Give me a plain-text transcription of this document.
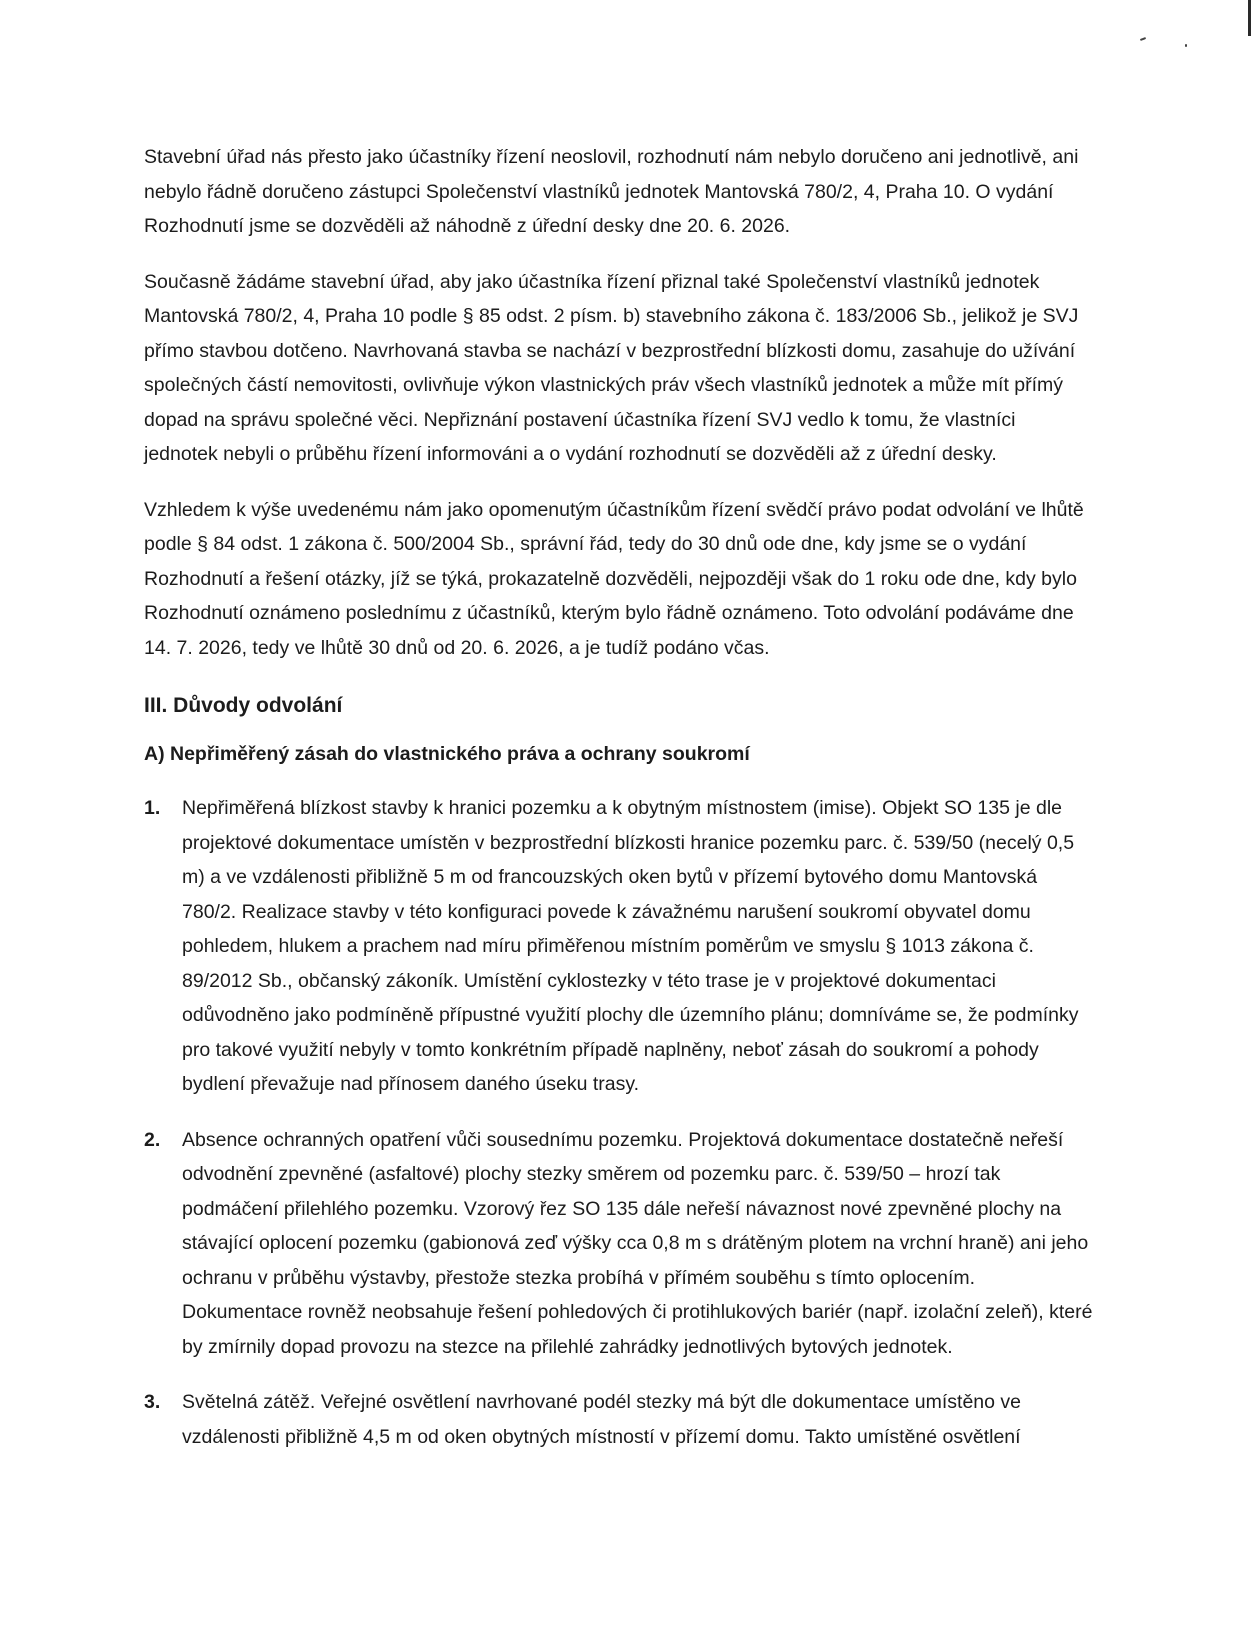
Stavební úřad nás přesto jako účastníky řízení neoslovil, rozhodnutí nám nebylo doručeno ani jednotlivě, ani nebylo řádně doručeno zástupci Společenství vlastníků jednotek Mantovská 780/2, 4, Praha 10. O vydání Rozhodnutí jsme se dozvěděli až náhodně z úřední desky dne 20. 6. 2026.

Současně žádáme stavební úřad, aby jako účastníka řízení přiznal také Společenství vlastníků jednotek Mantovská 780/2, 4, Praha 10 podle § 85 odst. 2 písm. b) stavebního zákona č. 183/2006 Sb., jelikož je SVJ přímo stavbou dotčeno. Navrhovaná stavba se nachází v bezprostřední blízkosti domu, zasahuje do užívání společných částí nemovitosti, ovlivňuje výkon vlastnických práv všech vlastníků jednotek a může mít přímý dopad na správu společné věci. Nepřiznání postavení účastníka řízení SVJ vedlo k tomu, že vlastníci jednotek nebyli o průběhu řízení informováni a o vydání rozhodnutí se dozvěděli až z úřední desky.

Vzhledem k výše uvedenému nám jako opomenutým účastníkům řízení svědčí právo podat odvolání ve lhůtě podle § 84 odst. 1 zákona č. 500/2004 Sb., správní řád, tedy do 30 dnů ode dne, kdy jsme se o vydání Rozhodnutí a řešení otázky, jíž se týká, prokazatelně dozvěděli, nejpozději však do 1 roku ode dne, kdy bylo Rozhodnutí oznámeno poslednímu z účastníků, kterým bylo řádně oznámeno. Toto odvolání podáváme dne 14. 7. 2026, tedy ve lhůtě 30 dnů od 20. 6. 2026, a je tudíž podáno včas.

III. Důvody odvolání
A) Nepřiměřený zásah do vlastnického práva a ochrany soukromí
1. Nepřiměřená blízkost stavby k hranici pozemku a k obytným místnostem (imise). Objekt SO 135 je dle projektové dokumentace umístěn v bezprostřední blízkosti hranice pozemku parc. č. 539/50 (necelý 0,5 m) a ve vzdálenosti přibližně 5 m od francouzských oken bytů v přízemí bytového domu Mantovská 780/2. Realizace stavby v této konfiguraci povede k závažnému narušení soukromí obyvatel domu pohledem, hlukem a prachem nad míru přiměřenou místním poměrům ve smyslu § 1013 zákona č. 89/2012 Sb., občanský zákoník. Umístění cyklostezky v této trase je v projektové dokumentaci odůvodněno jako podmíněně přípustné využití plochy dle územního plánu; domníváme se, že podmínky pro takové využití nebyly v tomto konkrétním případě naplněny, neboť zásah do soukromí a pohody bydlení převažuje nad přínosem daného úseku trasy.
2. Absence ochranných opatření vůči sousednímu pozemku. Projektová dokumentace dostatečně neřeší odvodnění zpevněné (asfaltové) plochy stezky směrem od pozemku parc. č. 539/50 – hrozí tak podmáčení přilehlého pozemku. Vzorový řez SO 135 dále neřeší návaznost nové zpevněné plochy na stávající oplocení pozemku (gabionová zeď výšky cca 0,8 m s drátěným plotem na vrchní hraně) ani jeho ochranu v průběhu výstavby, přestože stezka probíhá v přímém souběhu s tímto oplocením. Dokumentace rovněž neobsahuje řešení pohledových či protihlukových bariér (např. izolační zeleň), které by zmírnily dopad provozu na stezce na přilehlé zahrádky jednotlivých bytových jednotek.
3. Světelná zátěž. Veřejné osvětlení navrhované podél stezky má být dle dokumentace umístěno ve vzdálenosti přibližně 4,5 m od oken obytných místností v přízemí domu. Takto umístěné osvětlení
